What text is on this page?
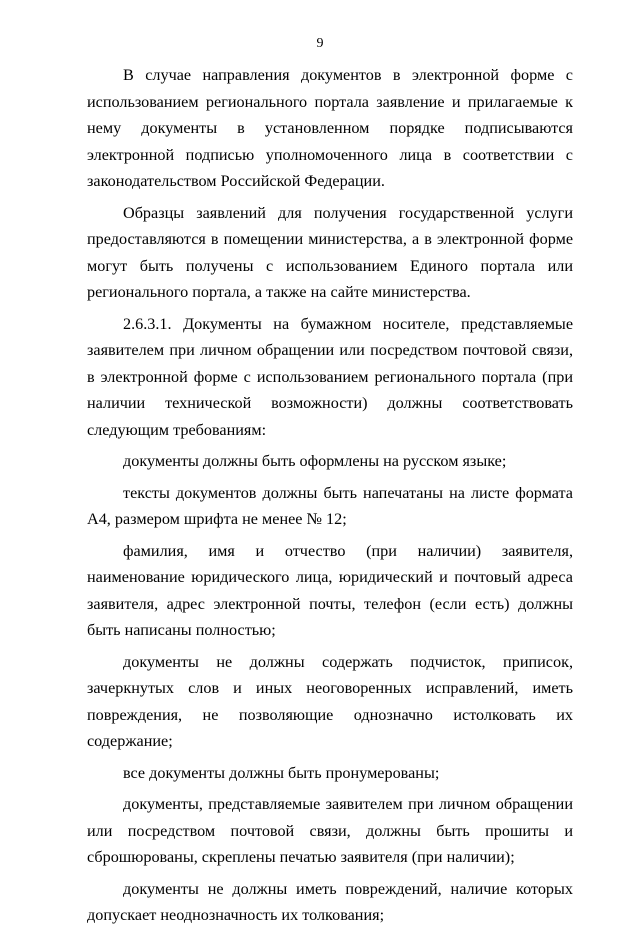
9

В случае направления документов в электронной форме с использованием регионального портала заявление и прилагаемые к нему документы в установленном порядке подписываются электронной подписью уполномоченного лица в соответствии с законодательством Российской Федерации.

Образцы заявлений для получения государственной услуги предоставляются в помещении министерства, а в электронной форме могут быть получены с использованием Единого портала или регионального портала, а также на сайте министерства.

2.6.3.1. Документы на бумажном носителе, представляемые заявителем при личном обращении или посредством почтовой связи, в электронной форме с использованием регионального портала (при наличии технической возможности) должны соответствовать следующим требованиям:

документы должны быть оформлены на русском языке;

тексты документов должны быть напечатаны на листе формата А4, размером шрифта не менее № 12;

фамилия, имя и отчество (при наличии) заявителя, наименование юридического лица, юридический и почтовый адреса заявителя, адрес электронной почты, телефон (если есть) должны быть написаны полностью;

документы не должны содержать подчисток, приписок, зачеркнутых слов и иных неоговоренных исправлений, иметь повреждения, не позволяющие однозначно истолковать их содержание;

все документы должны быть пронумерованы;

документы, представляемые заявителем при личном обращении или посредством почтовой связи, должны быть прошиты и сброшюрованы, скреплены печатью заявителя (при наличии);

документы не должны иметь повреждений, наличие которых допускает неоднозначность их толкования;
